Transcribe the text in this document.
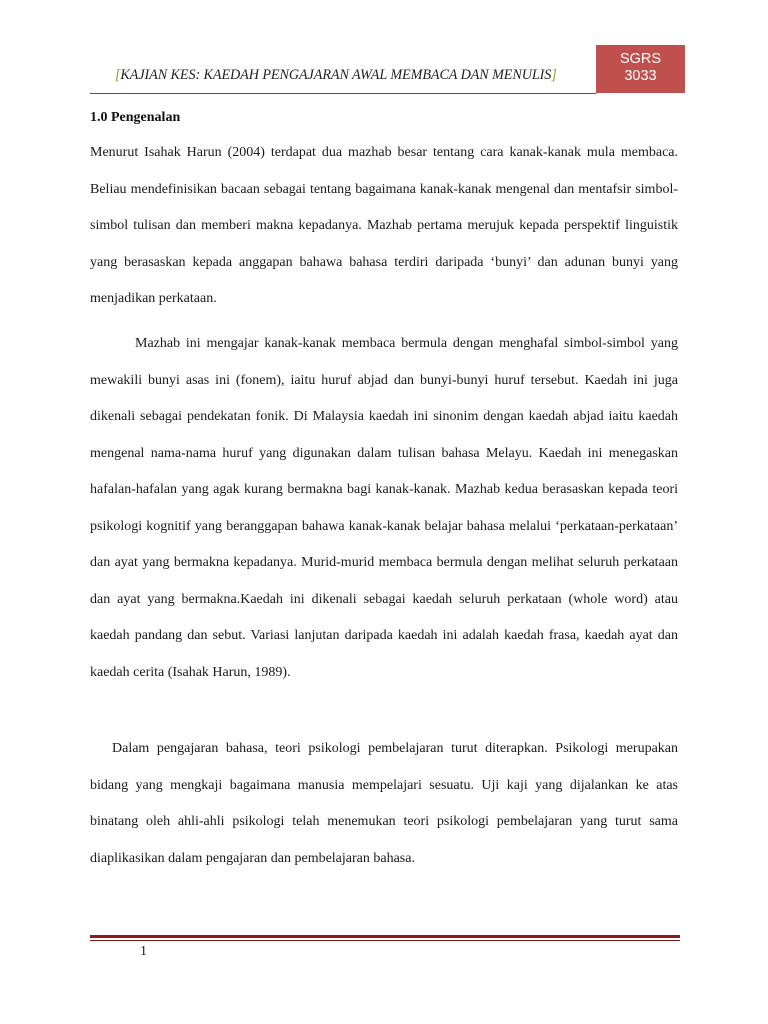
[KAJIAN KES: KAEDAH PENGAJARAN AWAL MEMBACA DAN MENULIS]
SGRS
3033
1.0 Pengenalan
Menurut Isahak Harun (2004) terdapat dua mazhab besar tentang cara kanak-kanak mula membaca. Beliau mendefinisikan bacaan sebagai tentang bagaimana kanak-kanak mengenal dan mentafsir simbol-simbol tulisan dan memberi makna kepadanya. Mazhab pertama merujuk kepada perspektif linguistik yang berasaskan kepada anggapan bahawa bahasa terdiri daripada ‘bunyi’ dan adunan bunyi yang menjadikan perkataan.
Mazhab ini mengajar kanak-kanak membaca bermula dengan menghafal simbol-simbol yang mewakili bunyi asas ini (fonem), iaitu huruf abjad dan bunyi-bunyi huruf tersebut. Kaedah ini juga dikenali sebagai pendekatan fonik. Di Malaysia kaedah ini sinonim dengan kaedah abjad iaitu kaedah mengenal nama-nama huruf yang digunakan dalam tulisan bahasa Melayu. Kaedah ini menegaskan hafalan-hafalan yang agak kurang bermakna bagi kanak-kanak. Mazhab kedua berasaskan kepada teori psikologi kognitif yang beranggapan bahawa kanak-kanak belajar bahasa melalui ‘perkataan-perkataan’ dan ayat yang bermakna kepadanya. Murid-murid membaca bermula dengan melihat seluruh perkataan dan ayat yang bermakna.Kaedah ini dikenali sebagai kaedah seluruh perkataan (whole word) atau kaedah pandang dan sebut. Variasi lanjutan daripada kaedah ini adalah kaedah frasa, kaedah ayat dan kaedah cerita (Isahak Harun, 1989).
Dalam pengajaran bahasa, teori psikologi pembelajaran turut diterapkan. Psikologi merupakan bidang yang mengkaji bagaimana manusia mempelajari sesuatu. Uji kaji yang dijalankan ke atas binatang oleh ahli-ahli psikologi telah menemukan teori psikologi pembelajaran yang turut sama diaplikasikan dalam pengajaran dan pembelajaran bahasa.
1
